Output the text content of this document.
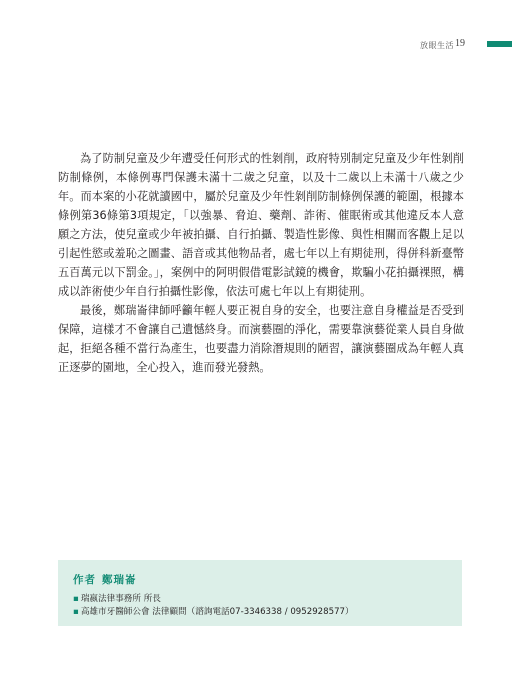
放眼生活 19

為了防制兒童及少年遭受任何形式的性剝削，政府特別制定兒童及少年性剝削防制條例，本條例專門保護未滿十二歲之兒童，以及十二歲以上未滿十八歲之少年。而本案的小花就讀國中，屬於兒童及少年性剝削防制條例保護的範圍，根據本條例第36條第3項規定，「以強暴、脅迫、藥劑、詐術、催眠術或其他違反本人意願之方法，使兒童或少年被拍攝、自行拍攝、製造性影像、與性相關而客觀上足以引起性慾或羞恥之圖畫、語音或其他物品者，處七年以上有期徒刑，得併科新臺幣五百萬元以下罰金。」，案例中的阿明假借電影試鏡的機會，欺騙小花拍攝裸照，構成以詐術使少年自行拍攝性影像，依法可處七年以上有期徒刑。

最後，鄭瑞崙律師呼籲年輕人要正視自身的安全，也要注意自身權益是否受到保障，這樣才不會讓自己遺憾終身。而演藝圈的淨化，需要靠演藝從業人員自身做起，拒絕各種不當行為產生，也要盡力消除潛規則的陋習，讓演藝圈成為年輕人真正逐夢的園地，全心投入，進而發光發熱。

作者 鄭瑞崙
▪ 瑞嬴法律事務所 所長
▪ 高雄市牙醫師公會 法律顧問（諮詢電話07-3346338 / 0952928577）
